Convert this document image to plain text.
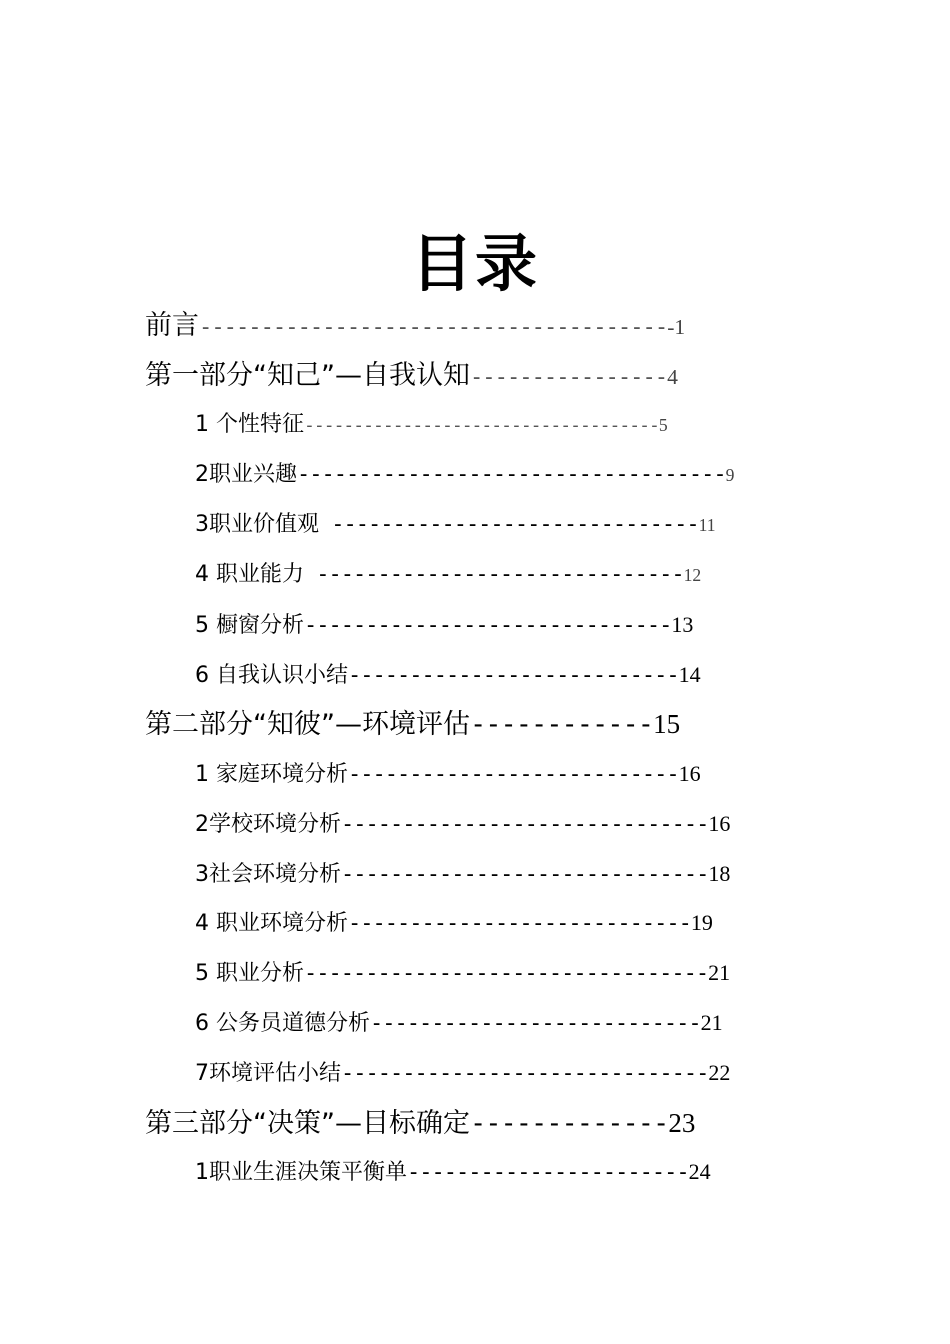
目录
前言---------------------------------------1
第一部分“知己”—自我认知----------------4
1 个性特征------------------------------------5
2职业兴趣-----------------------------------9
3职业价值观 ------------------------------11
4 职业能力 ------------------------------12
5 橱窗分析------------------------------13
6 自我认识小结---------------------------14
第二部分“知彼”—环境评估------------15
1 家庭环境分析---------------------------16
2学校环境分析------------------------------16
3社会环境分析------------------------------18
4 职业环境分析----------------------------19
5 职业分析---------------------------------21
6 公务员道德分析---------------------------21
7环境评估小结------------------------------22
第三部分“决策”—目标确定-------------23
1职业生涯决策平衡单-----------------------24
